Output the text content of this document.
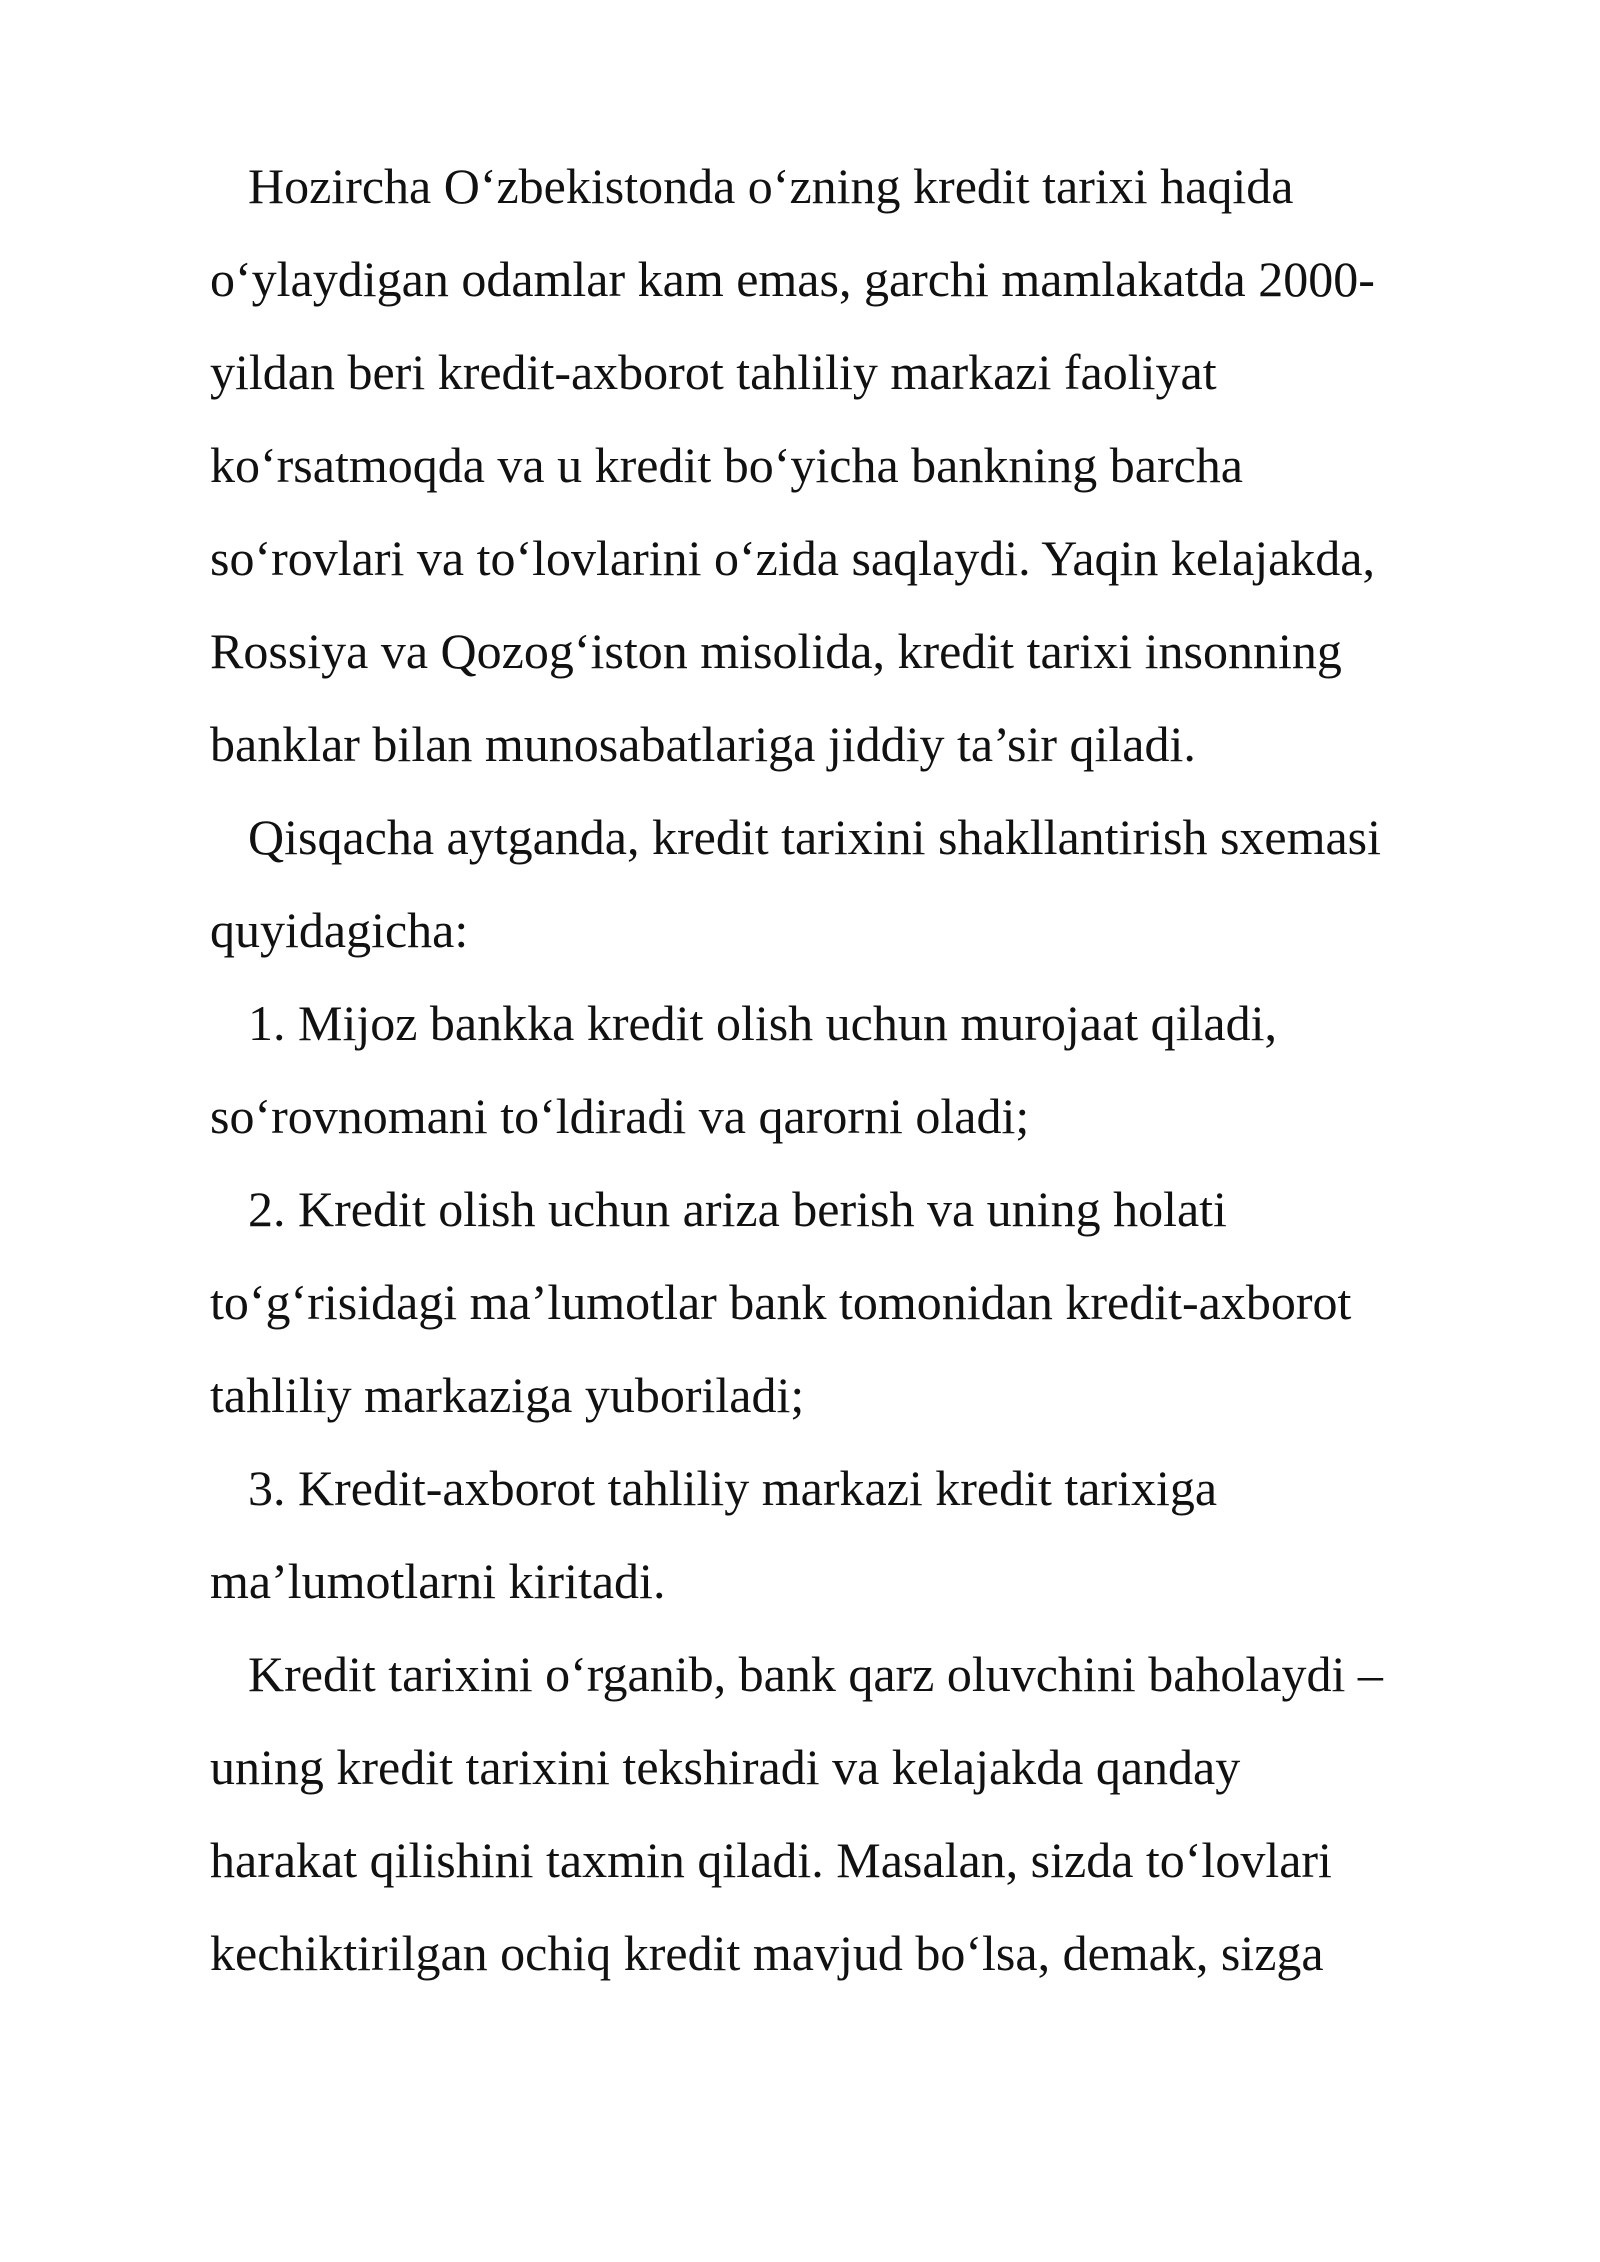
Hozircha O‘zbekistonda o‘zning kredit tarixi haqida
o‘ylaydigan odamlar kam emas, garchi mamlakatda 2000-
yildan beri kredit-axborot tahliliy markazi faoliyat
ko‘rsatmoqda va u kredit bo‘yicha bankning barcha
so‘rovlari va to‘lovlarini o‘zida saqlaydi. Yaqin kelajakda,
Rossiya va Qozog‘iston misolida, kredit tarixi insonning
banklar bilan munosabatlariga jiddiy ta’sir qiladi.
Qisqacha aytganda, kredit tarixini shakllantirish sxemasi
quyidagicha:
1. Mijoz bankka kredit olish uchun murojaat qiladi,
so‘rovnomani to‘ldiradi va qarorni oladi;
2. Kredit olish uchun ariza berish va uning holati
to‘g‘risidagi ma’lumotlar bank tomonidan kredit-axborot
tahliliy markaziga yuboriladi;
3. Kredit-axborot tahliliy markazi kredit tarixiga
ma’lumotlarni kiritadi.
Kredit tarixini o‘rganib, bank qarz oluvchini baholaydi –
uning kredit tarixini tekshiradi va kelajakda qanday
harakat qilishini taxmin qiladi. Masalan, sizda to‘lovlari
kechiktirilgan ochiq kredit mavjud bo‘lsa, demak, sizga
